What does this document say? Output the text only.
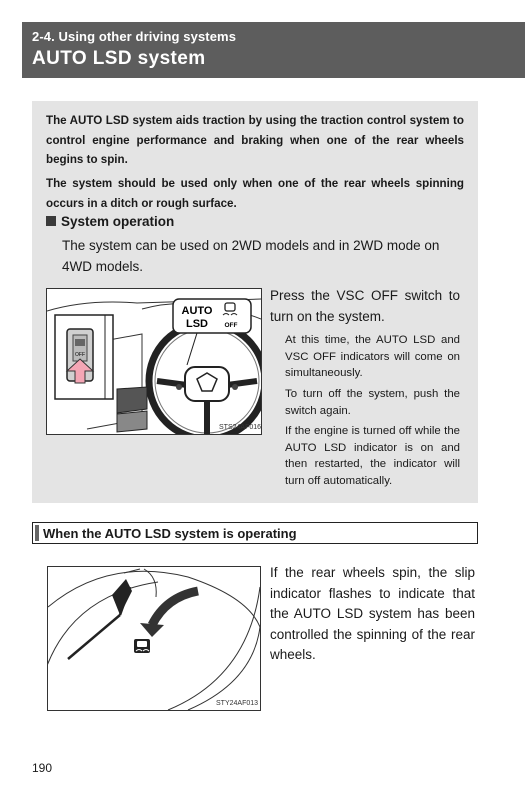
2-4. Using other driving systems
AUTO LSD system
The AUTO LSD system aids traction by using the traction control system to control engine performance and braking when one of the rear wheels begins to spin.
The system should be used only when one of the rear wheels spinning occurs in a ditch or rough surface.
System operation
The system can be used on 2WD models and in 2WD mode on 4WD models.
OFF
AUTO
LSD	OFF
STS24AF016
Press the VSC OFF switch to turn on the system.
At this time, the AUTO LSD and VSC OFF indicators will come on simultaneously.
To turn off the system, push the switch again.
If the engine is turned off while the AUTO LSD indicator is on and then restarted, the indicator will turn off automatically.
When the AUTO LSD system is operating
STY24AF013
If the rear wheels spin, the slip indicator flashes to indicate that the AUTO LSD system has been controlled the spinning of the rear wheels.
190
